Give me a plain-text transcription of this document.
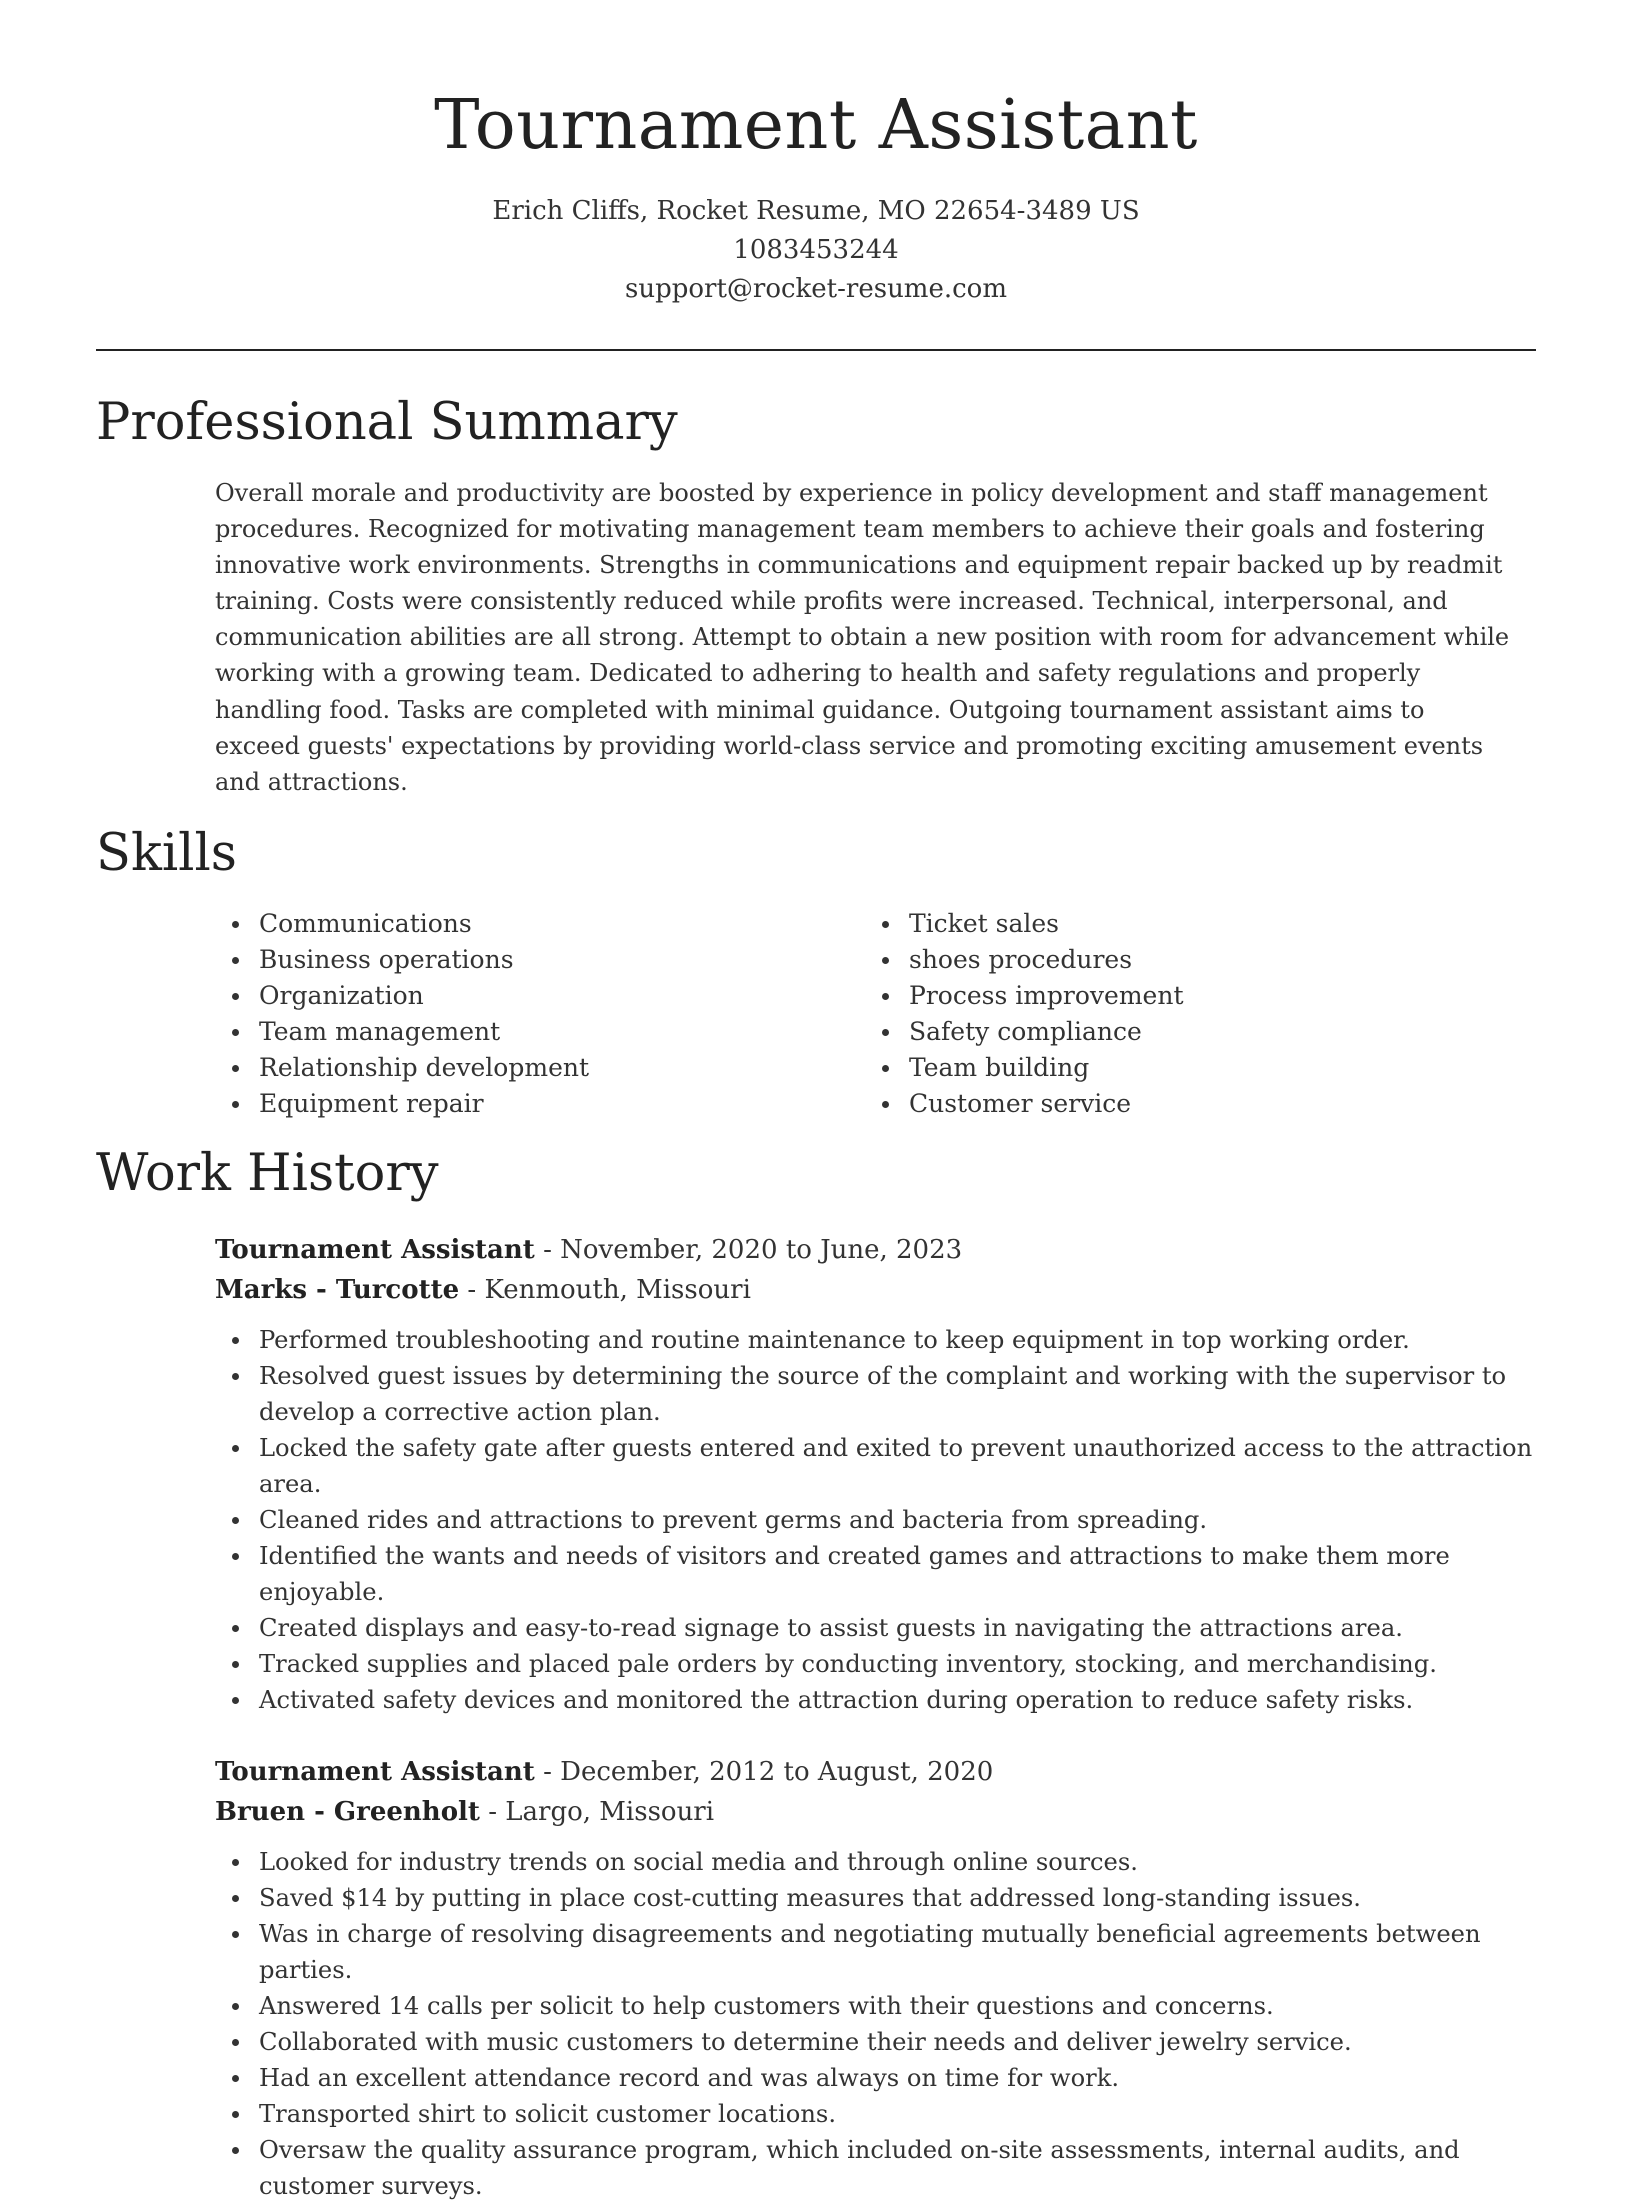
Tournament Assistant
Erich Cliffs, Rocket Resume, MO 22654-3489 US
1083453244
support@rocket-resume.com
Professional Summary

Overall morale and productivity are boosted by experience in policy development and staff management procedures. Recognized for motivating management team members to achieve their goals and fostering innovative work environments. Strengths in communications and equipment repair backed up by readmit training. Costs were consistently reduced while profits were increased. Technical, interpersonal, and communication abilities are all strong. Attempt to obtain a new position with room for advancement while working with a growing team. Dedicated to adhering to health and safety regulations and properly handling food. Tasks are completed with minimal guidance. Outgoing tournament assistant aims to exceed guests' expectations by providing world-class service and promoting exciting amusement events and attractions.

Skills
Communications
Business operations
Organization
Team management
Relationship development
Equipment repair
Ticket sales
shoes procedures
Process improvement
Safety compliance
Team building
Customer service
Work History
Tournament Assistant - November, 2020 to June, 2023
Marks - Turcotte - Kenmouth, Missouri
Performed troubleshooting and routine maintenance to keep equipment in top working order.
Resolved guest issues by determining the source of the complaint and working with the supervisor to develop a corrective action plan.
Locked the safety gate after guests entered and exited to prevent unauthorized access to the attraction area.
Cleaned rides and attractions to prevent germs and bacteria from spreading.
Identified the wants and needs of visitors and created games and attractions to make them more enjoyable.
Created displays and easy-to-read signage to assist guests in navigating the attractions area.
Tracked supplies and placed pale orders by conducting inventory, stocking, and merchandising.
Activated safety devices and monitored the attraction during operation to reduce safety risks.
Tournament Assistant - December, 2012 to August, 2020
Bruen - Greenholt - Largo, Missouri
Looked for industry trends on social media and through online sources.
Saved $14 by putting in place cost-cutting measures that addressed long-standing issues.
Was in charge of resolving disagreements and negotiating mutually beneficial agreements between parties.
Answered 14 calls per solicit to help customers with their questions and concerns.
Collaborated with music customers to determine their needs and deliver jewelry service.
Had an excellent attendance record and was always on time for work.
Transported shirt to solicit customer locations.
Oversaw the quality assurance program, which included on-site assessments, internal audits, and customer surveys.
